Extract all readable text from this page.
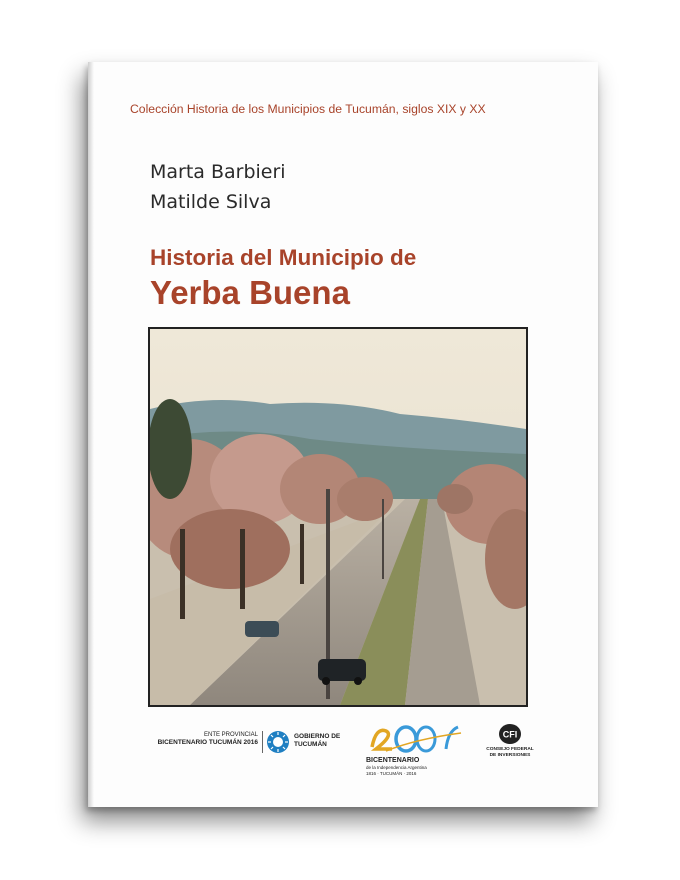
Colección Historia de los Municipios de Tucumán, siglos XIX y XX
Marta Barbieri
Matilde Silva
Historia del Municipio de
Yerba Buena
ENTE PROVINCIAL
BICENTENARIO TUCUMÁN 2016
GOBIERNO DE
TUCUMÁN
BICENTENARIO
de la Independencia Argentina
1816 · TUCUMÁN · 2016
CFI
CONSEJO FEDERAL
DE INVERSIONES
